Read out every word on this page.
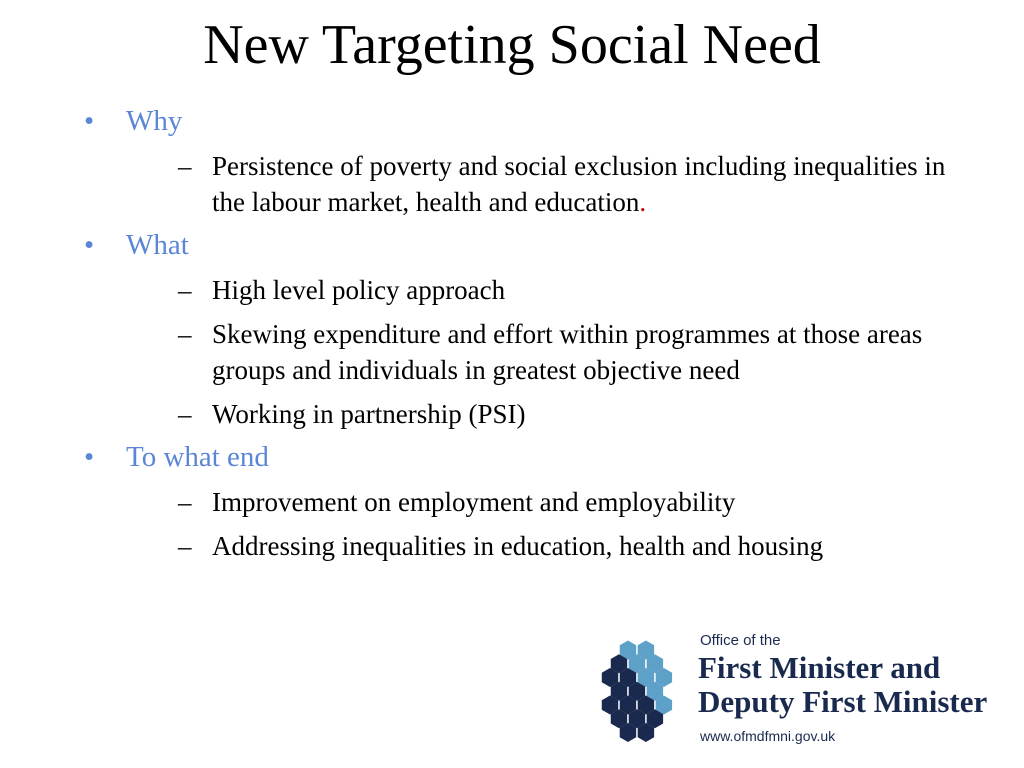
New Targeting Social Need
•	Why
– Persistence of poverty and social exclusion including inequalities in the labour market, health and education.
•	What
– High level policy approach
– Skewing expenditure and effort within programmes at those areas groups and individuals in greatest objective need
– Working in partnership (PSI)
•	To what end
– Improvement on employment and employability
– Addressing inequalities in education, health and housing
Office of the
First Minister and
Deputy First Minister
www.ofmdfmni.gov.uk
